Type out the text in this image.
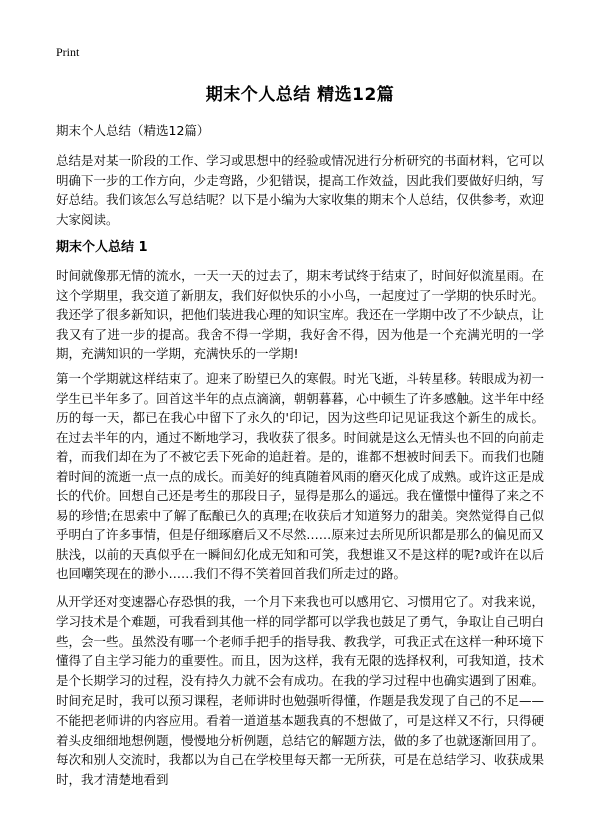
Print
期末个人总结 精选12篇
期末个人总结（精选12篇）

总结是对某一阶段的工作、学习或思想中的经验或情况进行分析研究的书面材料，它可以明确下一步的工作方向，少走弯路，少犯错误，提高工作效益，因此我们要做好归纳，写好总结。我们该怎么写总结呢？以下是小编为大家收集的期末个人总结，仅供参考，欢迎大家阅读。

期末个人总结 1

时间就像那无情的流水，一天一天的过去了，期末考试终于结束了，时间好似流星雨。在这个学期里，我交道了新朋友，我们好似快乐的小小鸟，一起度过了一学期的快乐时光。我还学了很多新知识，把他们装进我心理的知识宝库。我还在一学期中改了不少缺点，让我又有了进一步的提高。我舍不得一学期，我好舍不得，因为他是一个充满光明的一学期，充满知识的一学期，充满快乐的一学期!

第一个学期就这样结束了。迎来了盼望已久的寒假。时光飞逝，斗转星移。转眼成为初一学生已半年多了。回首这半年的点点滴滴，朝朝暮暮，心中顿生了许多感触。这半年中经历的每一天，都已在我心中留下了永久的'印记，因为这些印记见证我这个新生的成长。在过去半年的内，通过不断地学习，我收获了很多。时间就是这么无情头也不回的向前走着，而我们却在为了不被它丢下死命的追赶着。是的，谁都不想被时间丢下。而我们也随着时间的流逝一点一点的成长。而美好的纯真随着风雨的磨灭化成了成熟。或许这正是成长的代价。回想自己还是考生的那段日子，显得是那么的遥远。我在懂憬中懂得了来之不易的珍惜;在思索中了解了酝酿已久的真理;在收获后才知道努力的甜美。突然觉得自己似乎明白了许多事情，但是仔细琢磨后又不尽然……原来过去所见所识都是那么的偏见而又肤浅，以前的天真似乎在一瞬间幻化成无知和可笑，我想谁又不是这样的呢?或许在以后也回嘲笑现在的渺小……我们不得不笑着回首我们所走过的路。

从开学还对变速器心存恐惧的我，一个月下来我也可以感用它、习惯用它了。对我来说，学习技术是个难题，可我看到其他一样的同学都可以学我也鼓足了勇气，争取让自己明白些，会一些。虽然没有哪一个老师手把手的指导我、教我学，可我正式在这样一种环境下懂得了自主学习能力的重要性。而且，因为这样，我有无限的选择权利，可我知道，技术是个长期学习的过程，没有持久力就不会有成功。在我的学习过程中也确实遇到了困难。时间充足时，我可以预习课程，老师讲时也勉强听得懂，作题是我发现了自己的不足——不能把老师讲的内容应用。看着一道道基本题我真的不想做了，可是这样又不行，只得硬着头皮细细地想例题，慢慢地分析例题，总结它的解题方法，做的多了也就逐渐回用了。每次和别人交流时，我都以为自己在学校里每天都一无所获，可是在总结学习、收获成果时，我才清楚地看到
